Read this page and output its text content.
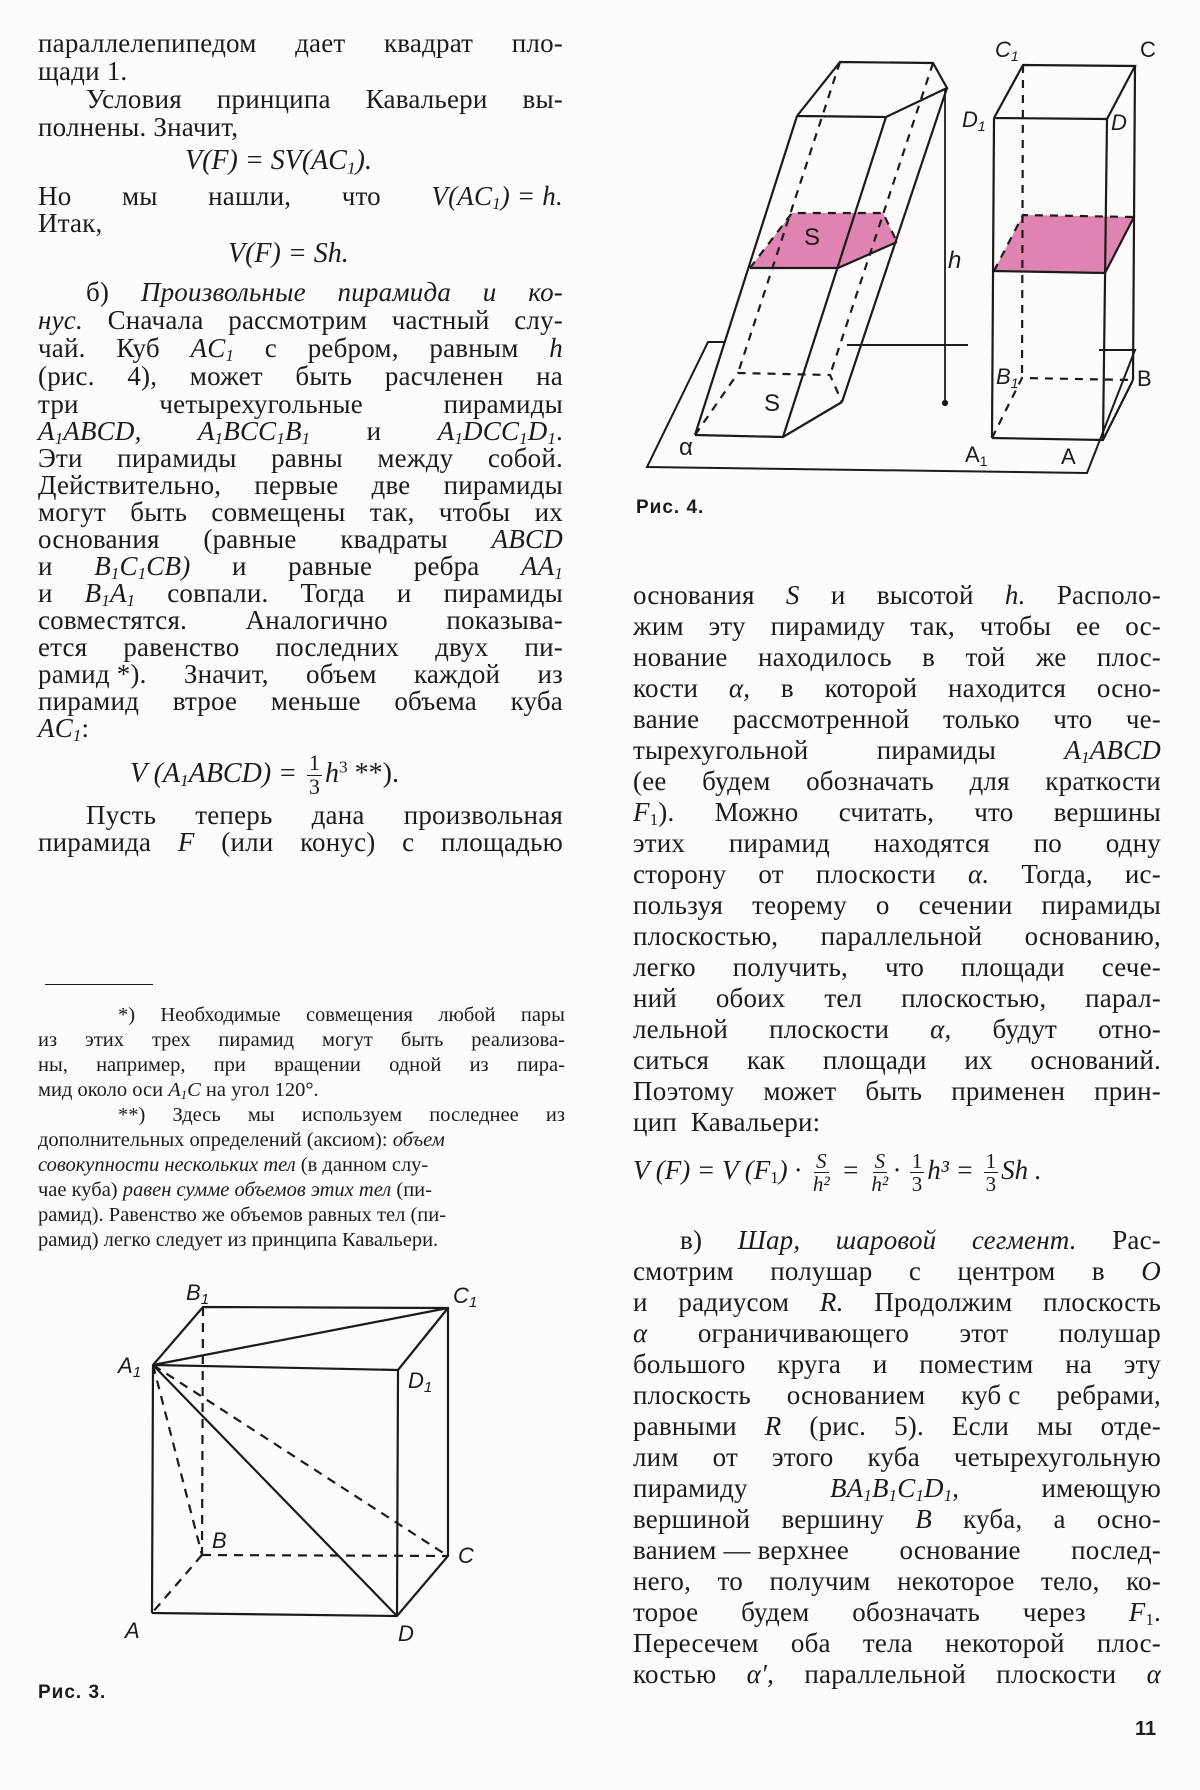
параллелепипедом дает квадрат пло-
щади 1.
Условия принципа Кавальери вы-
полнены. Значит,
$V(F) = SV(AC_1)$.
Но мы нашли, что $V(AC_1) = h$.
Итак,
V(F) = Sh.
б) Произвольные пирамида и ко-
нус. Сначала рассмотрим частный слу-
чай. Куб $AC_1$ с ребром, равным h
(рис. 4), может быть расчленен на
три	четырехугольные	пирамиды
$A_1ABCD$, $A_1BCC_1B_1$ и $A_1DCC_1D_1$.
Эти пирамиды равны между собой.
Действительно, первые две пирамиды
могут быть совмещены так, чтобы их
основания (равные квадраты ABCD
и $B_1C_1CB$) и равные ребра $AA_1$
и $B_1A_1$ совпали. Тогда и пирамиды
совместятся. Аналогично показыва-
ется равенство последних двух пи-
рамид *). Значит, объем каждой из
пирамид втрое меньше объема куба
$AC_1$:
V $(A_1ABCD) = \frac{1}{3} h^3$ **).
Пусть теперь дана произвольная
пирамида F (или конус) с площадью
*) Необходимые совмещения любой пары
из этих трех пирамид могут быть реализова-
ны, например, при вращении одной из пира-
мид около оси $A_1C$ на угол 120°.
**) Здесь мы используем последнее из
дополнительных определений (аксиом): объем
совокупности нескольких тел (в данном слу-
чае куба) равен сумме объемов этих тел (пи-
рамид). Равенство же объемов равных тел (пи-
рамид) легко следует из принципа Кавальери.
B1	C1
A1	D1
B
C
A	D
S
S
h
α
C1	C
D1	D
B1	B
A1	A
Рис. 4.
Рис. 3.
основания S и высотой h. Располо-
жим эту пирамиду так, чтобы ее ос-
нование находилось в той же плос-
кости α, в которой находится осно-
вание рассмотренной только что че-
тырехугольной	пирамиды	$A_1ABCD$
(ее будем обозначать для краткости
$F_1$). Можно считать, что вершины
этих пирамид находятся по одну
сторону от плоскости α. Тогда, ис-
пользуя теорему о сечении пирамиды
плоскостью, параллельной основанию,
легко получить, что площади сече-
ний обоих тел плоскостью, парал-
лельной плоскости α, будут отно-
ситься как площади их оснований.
Поэтому может быть применен прин-
цип  Кавальери:
V (F) = V $(F_1) \cdot \frac{S}{\text{h²}} = \frac{S}{\text{h²}} \cdot \frac{1}{3} h^3 = \frac{1}{3}$ Sh .
в) Шар, шаровой сегмент. Рас-
смотрим полушар с центром в O
и радиусом R. Продолжим плоскость
α ограничивающего этот полушар
большого круга и поместим на эту
плоскость основанием куб с ребрами,
равными R (рис. 5). Если мы отде-
лим от этого куба четырехугольную
пирамиду	$BA_1B_1C_1D_1$,	имеющую
вершиной вершину B куба, а осно-
ванием — верхнее основание послед-
него, то получим некоторое тело, ко-
торое будем обозначать через $F_1$.
Пересечем оба тела некоторой плос-
костью α′, параллельной плоскости α
11
